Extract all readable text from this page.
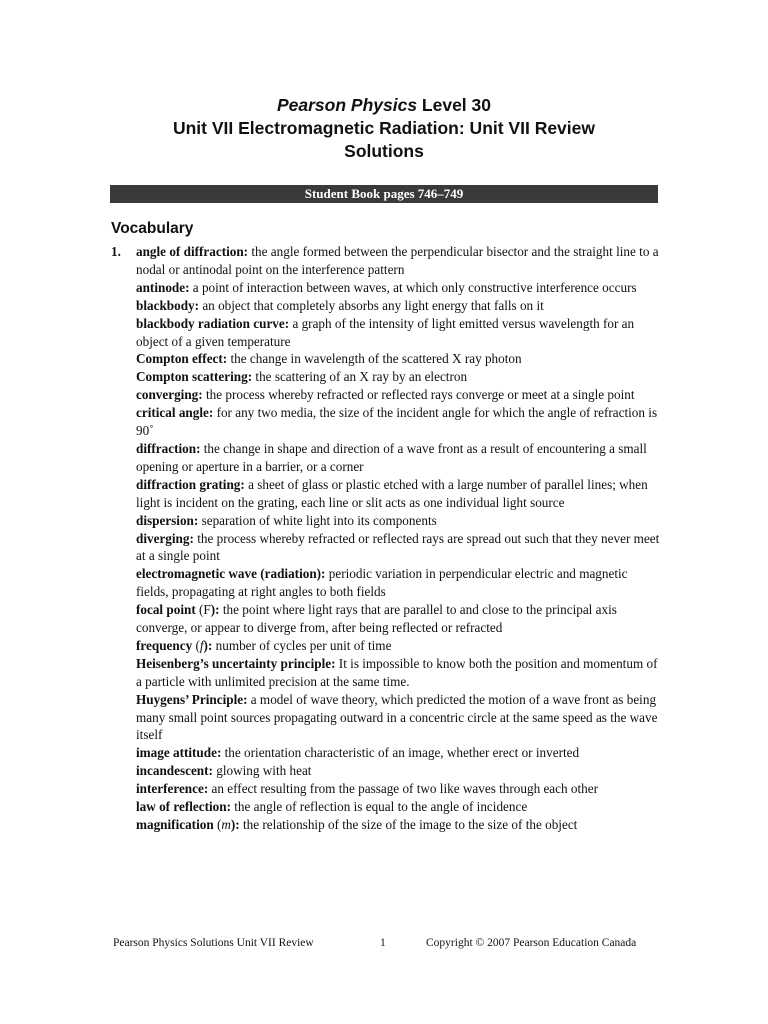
Pearson Physics Level 30
Unit VII Electromagnetic Radiation: Unit VII Review
Solutions
Student Book pages 746–749
Vocabulary
1. angle of diffraction: the angle formed between the perpendicular bisector and the straight line to a nodal or antinodal point on the interference pattern

antinode: a point of interaction between waves, at which only constructive interference occurs

blackbody: an object that completely absorbs any light energy that falls on it

blackbody radiation curve: a graph of the intensity of light emitted versus wavelength for an object of a given temperature

Compton effect: the change in wavelength of the scattered X ray photon

Compton scattering: the scattering of an X ray by an electron

converging: the process whereby refracted or reflected rays converge or meet at a single point

critical angle: for any two media, the size of the incident angle for which the angle of refraction is 90˚

diffraction: the change in shape and direction of a wave front as a result of encountering a small opening or aperture in a barrier, or a corner

diffraction grating: a sheet of glass or plastic etched with a large number of parallel lines; when light is incident on the grating, each line or slit acts as one individual light source

dispersion: separation of white light into its components

diverging: the process whereby refracted or reflected rays are spread out such that they never meet at a single point

electromagnetic wave (radiation): periodic variation in perpendicular electric and magnetic fields, propagating at right angles to both fields

focal point (F): the point where light rays that are parallel to and close to the principal axis converge, or appear to diverge from, after being reflected or refracted

frequency (f): number of cycles per unit of time

Heisenberg’s uncertainty principle: It is impossible to know both the position and momentum of a particle with unlimited precision at the same time.

Huygens’ Principle: a model of wave theory, which predicted the motion of a wave front as being many small point sources propagating outward in a concentric circle at the same speed as the wave itself

image attitude: the orientation characteristic of an image, whether erect or inverted

incandescent: glowing with heat

interference: an effect resulting from the passage of two like waves through each other

law of reflection: the angle of reflection is equal to the angle of incidence

magnification (m): the relationship of the size of the image to the size of the object

Pearson Physics Solutions Unit VII Review	1	Copyright © 2007 Pearson Education Canada
